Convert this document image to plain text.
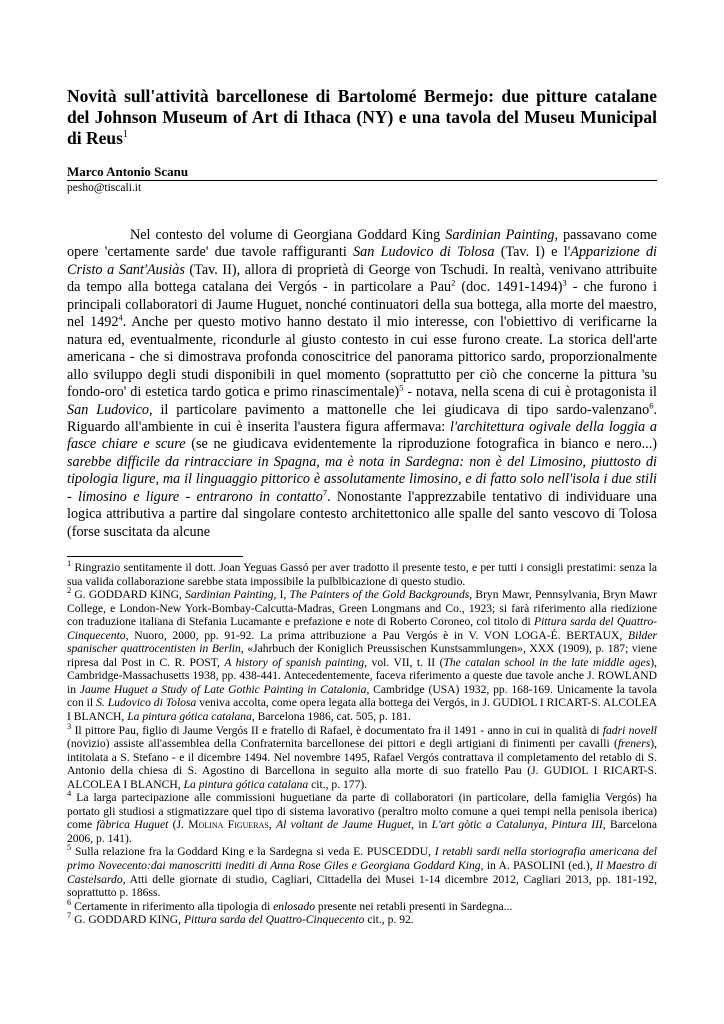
Novità sull'attività barcellonese di Bartolomé Bermejo: due pitture catalane del Johnson Museum of Art di Ithaca (NY) e una tavola del Museu Municipal di Reus$^1$
Marco Antonio Scanu
pesho@tiscali.it

Nel contesto del volume di Georgiana Goddard King Sardinian Painting, passavano come opere 'certamente sarde' due tavole raffiguranti San Ludovico di Tolosa (Tav. I) e l'Apparizione di Cristo a Sant'Ausiàs (Tav. II), allora di proprietà di George von Tschudi. In realtà, venivano attribuite da tempo alla bottega catalana dei Vergós - in particolare a Pau$^2$ (doc. 1491-1494)$^3$ - che furono i principali collaboratori di Jaume Huguet, nonché continuatori della sua bottega, alla morte del maestro, nel 1492$^4$. Anche per questo motivo hanno destato il mio interesse, con l'obiettivo di verificarne la natura ed, eventualmente, ricondurle al giusto contesto in cui esse furono create. La storica dell'arte americana - che si dimostrava profonda conoscitrice del panorama pittorico sardo, proporzionalmente allo sviluppo degli studi disponibili in quel momento (soprattutto per ciò che concerne la pittura 'su fondo-oro' di estetica tardo gotica e primo rinascimentale)$^5$ - notava, nella scena di cui è protagonista il San Ludovico, il particolare pavimento a mattonelle che lei giudicava di tipo sardo-valenzano$^6$. Riguardo all'ambiente in cui è inserita l'austera figura affermava: l'architettura ogivale della loggia a fasce chiare e scure (se ne giudicava evidentemente la riproduzione fotografica in bianco e nero...) sarebbe difficile da rintracciare in Spagna, ma è nota in Sardegna: non è del Limosino, piuttosto di tipologia ligure, ma il linguaggio pittorico è assolutamente limosino, e di fatto solo nell'isola i due stili - limosino e ligure - entrarono in contatto$^7$. Nonostante l'apprezzabile tentativo di individuare una logica attributiva a partire dal singolare contesto architettonico alle spalle del santo vescovo di Tolosa (forse suscitata da alcune

$^1$ Ringrazio sentitamente il dott. Joan Yeguas Gassó per aver tradotto il presente testo, e per tutti i consigli prestatimi: senza la sua valida collaborazione sarebbe stata impossibile la pulblbicazione di questo studio.

$^2$ G. GODDARD KING, Sardinian Painting, I, The Painters of the Gold Backgrounds, Bryn Mawr, Pennsylvania, Bryn Mawr College, e London-New York-Bombay-Calcutta-Madras, Green Longmans and Co., 1923; si farà riferimento alla riedizione con traduzione italiana di Stefania Lucamante e prefazione e note di Roberto Coroneo, col titolo di Pittura sarda del Quattro-Cinquecento, Nuoro, 2000, pp. 91-92. La prima attribuzione a Pau Vergós è in V. VON LOGA-É. BERTAUX, Bilder spanischer quattrocentisten in Berlin, «Jahrbuch der Koniglich Preussischen Kunstsammlungen», XXX (1909), p. 187; viene ripresa dal Post in C. R. POST, A history of spanish painting, vol. VII, t. II (The catalan school in the late middle ages), Cambridge-Massachusetts 1938, pp. 438-441. Antecedentemente, faceva riferimento a queste due tavole anche J. ROWLAND in Jaume Huguet a Study of Late Gothic Painting in Catalonia, Cambridge (USA) 1932, pp. 168-169. Unicamente la tavola con il S. Ludovico di Tolosa veniva accolta, come opera legata alla bottega dei Vergós, in J. GUDIOL I RICART-S. ALCOLEA I BLANCH, La pintura gótica catalana, Barcelona 1986, cat. 505, p. 181.

$^3$ Il pittore Pau, figlio di Jaume Vergós II e fratello di Rafael, è documentato fra il 1491 - anno in cui in qualità di fadri novell (novizio) assiste all'assemblea della Confraternita barcellonese dei pittori e degli artigiani di finimenti per cavalli (freners), intitolata a S. Stefano - e il dicembre 1494. Nel novembre 1495, Rafael Vergós contrattava il completamento del retablo di S. Antonio della chiesa di S. Agostino di Barcellona in seguito alla morte di suo fratello Pau (J. GUDIOL I RICART-S. ALCOLEA I BLANCH, La pintura gótica catalana cit., p. 177).

$^4$ La larga partecipazione alle commissioni huguetiane da parte di collaboratori (in particolare, della famiglia Vergós) ha portato gli studiosi a stigmatizzare quel tipo di sistema lavorativo (peraltro molto comune a quei tempi nella penisola iberica) come fàbrica Huguet (J. Molina Figueras, Al voltant de Jaume Huguet, in L'art gòtic a Catalunya, Pintura III, Barcelona 2006, p. 141).

$^5$ Sulla relazione fra la Goddard King e la Sardegna si veda E. PUSCEDDU, I retabli sardi nella storiografia americana del primo Novecento:dai manoscritti inediti di Anna Rose Giles e Georgiana Goddard King, in A. PASOLINI (ed.), Il Maestro di Castelsardo, Atti delle giornate di studio, Cagliari, Cittadella dei Musei 1-14 dicembre 2012, Cagliari 2013, pp. 181-192, soprattutto p. 186ss.

$^6$ Certamente in riferimento alla tipologia di enlosado presente nei retabli presenti in Sardegna...

$^7$ G. GODDARD KING, Pittura sarda del Quattro-Cinquecento cit., p. 92.
